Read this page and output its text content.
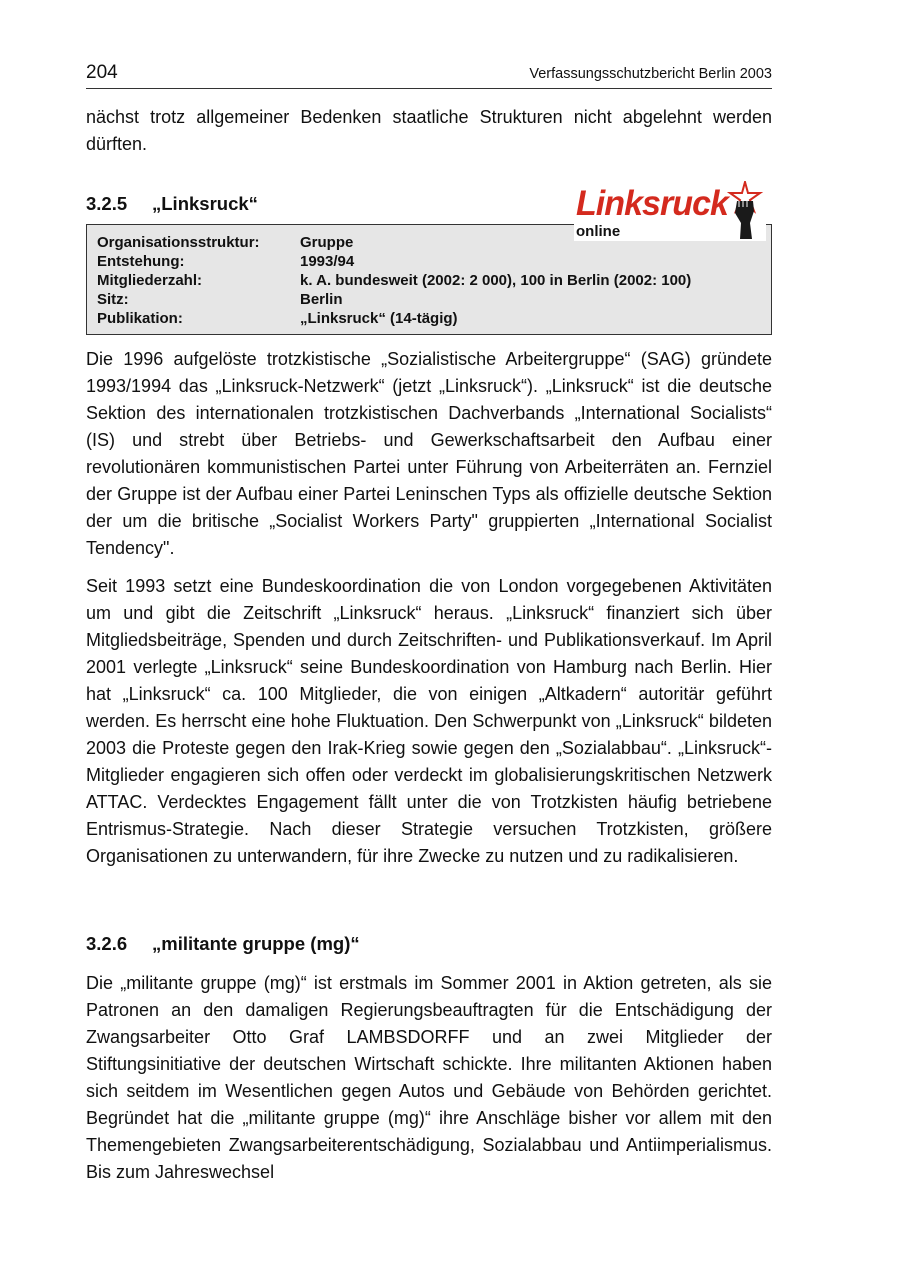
204	Verfassungsschutzbericht Berlin 2003

nächst trotz allgemeiner Bedenken staatliche Strukturen nicht abgelehnt werden dürften.

3.2.5 „Linksruck“
Organisationsstruktur:	Gruppe
Entstehung:	1993/94
Mitgliederzahl:	k. A. bundesweit (2002: 2 000), 100 in Berlin (2002: 100)
Sitz:	Berlin
Publikation:	„Linksruck“ (14-tägig)
Linksruck
online

Die 1996 aufgelöste trotzkistische „Sozialistische Arbeitergruppe“ (SAG) gründete 1993/1994 das „Linksruck-Netzwerk“ (jetzt „Linksruck“). „Linksruck“ ist die deutsche Sektion des internationalen trotzkistischen Dachverbands „International Socialists“ (IS) und strebt über Betriebs- und Gewerkschaftsarbeit den Aufbau einer revolutionären kommunistischen Partei unter Führung von Arbeiterräten an. Fernziel der Gruppe ist der Aufbau einer Partei Leninschen Typs als offizielle deutsche Sektion der um die britische „Socialist Workers Party" gruppierten „International Socialist Tendency".

Seit 1993 setzt eine Bundeskoordination die von London vorgegebenen Aktivitäten um und gibt die Zeitschrift „Linksruck“ heraus. „Linksruck“ finanziert sich über Mitgliedsbeiträge, Spenden und durch Zeitschriften- und Publikationsverkauf. Im April 2001 verlegte „Linksruck“ seine Bundeskoordination von Hamburg nach Berlin. Hier hat „Linksruck“ ca. 100 Mitglieder, die von einigen „Altkadern“ autoritär geführt werden. Es herrscht eine hohe Fluktuation. Den Schwerpunkt von „Linksruck“ bildeten 2003 die Proteste gegen den Irak-Krieg sowie gegen den „Sozialabbau“. „Linksruck“-Mitglieder engagieren sich offen oder verdeckt im globalisierungskritischen Netzwerk ATTAC. Verdecktes Engagement fällt unter die von Trotzkisten häufig betriebene Entrismus-Strategie. Nach dieser Strategie versuchen Trotzkisten, größere Organisationen zu unterwandern, für ihre Zwecke zu nutzen und zu radikalisieren.

3.2.6 „militante gruppe (mg)“

Die „militante gruppe (mg)“ ist erstmals im Sommer 2001 in Aktion getreten, als sie Patronen an den damaligen Regierungsbeauftragten für die Entschädigung der Zwangsarbeiter Otto Graf LAMBSDORFF und an zwei Mitglieder der Stiftungsinitiative der deutschen Wirtschaft schickte. Ihre militanten Aktionen haben sich seitdem im Wesentlichen gegen Autos und Gebäude von Behörden gerichtet. Begründet hat die „militante gruppe (mg)“ ihre Anschläge bisher vor allem mit den Themengebieten Zwangsarbeiterentschädigung, Sozialabbau und Antiimperialismus. Bis zum Jahreswechsel
